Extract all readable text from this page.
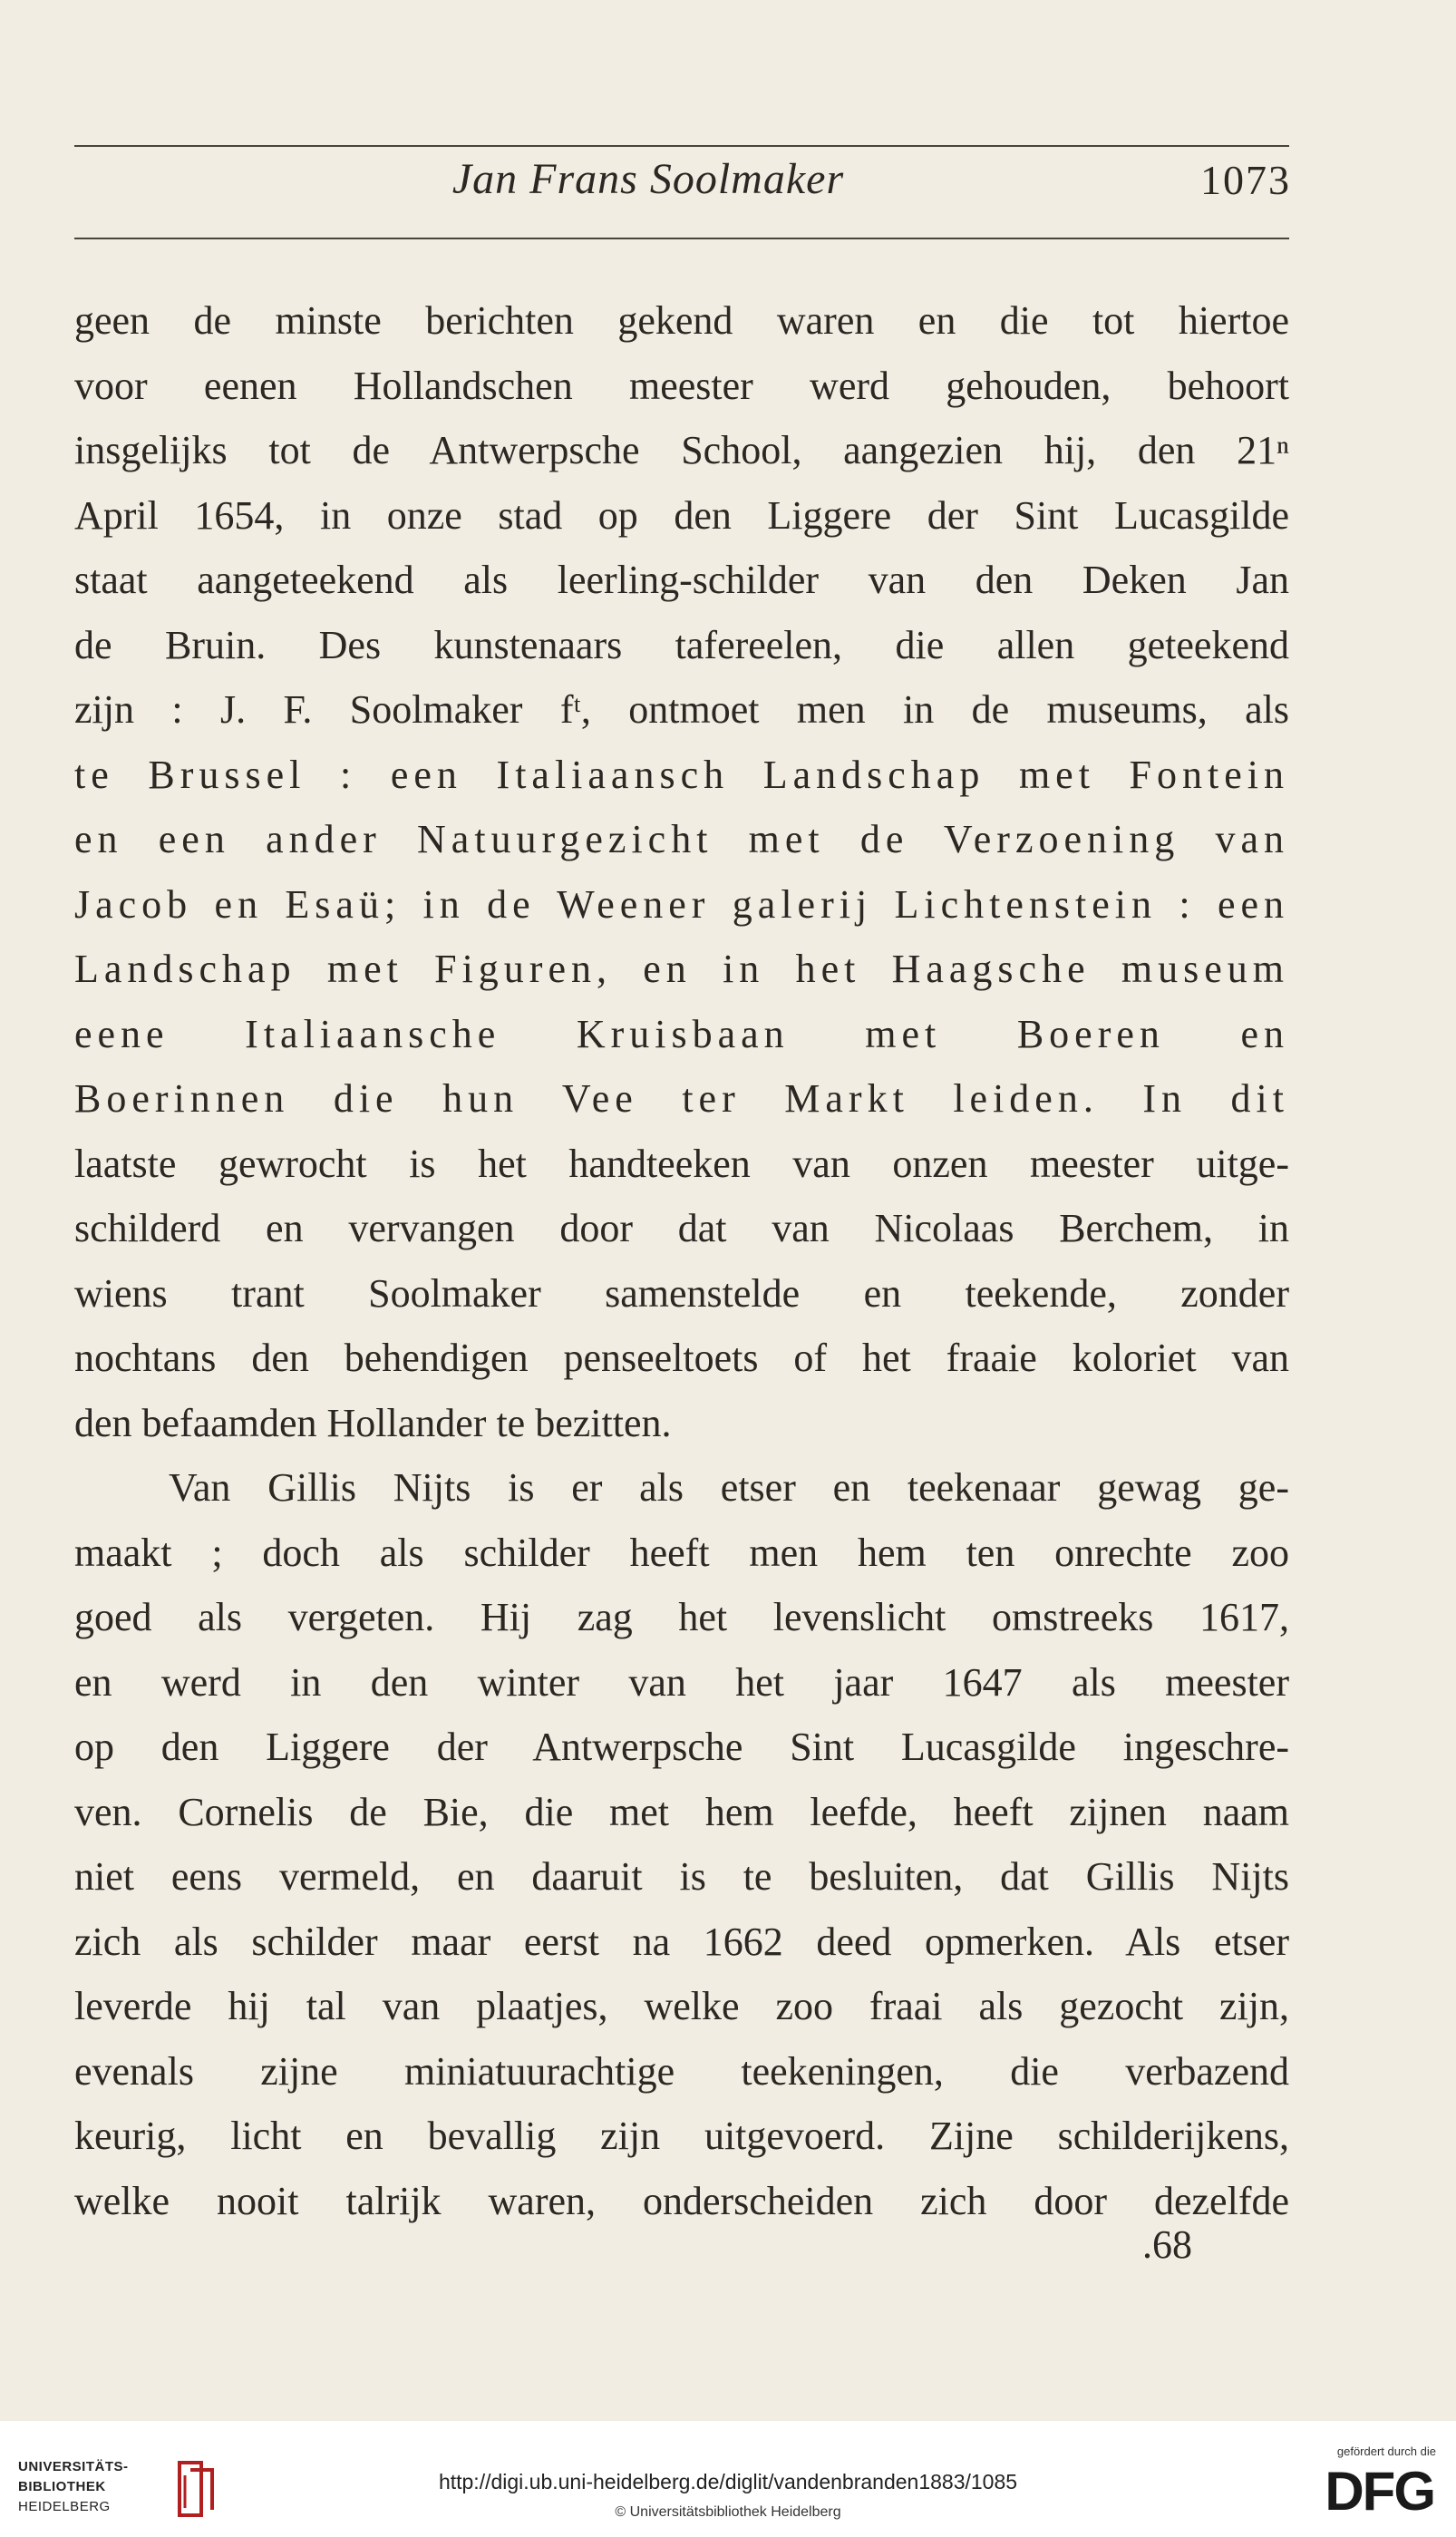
Jan Frans Soolmaker	1073
geen de minste berichten gekend waren en die tot hiertoe
voor eenen Hollandschen meester werd gehouden, behoort
insgelijks tot de Antwerpsche School, aangezien hij, den 21ⁿ
April 1654, in onze stad op den Liggere der Sint Lucasgilde
staat aangeteekend als leerling-schilder van den Deken Jan
de Bruin. Des kunstenaars tafereelen, die allen geteekend
zijn : J. F. Soolmaker fᵗ, ontmoet men in de museums, als
te Brussel : een Italiaansch Landschap met Fontein
en een ander Natuurgezicht met de Verzoening van
Jacob en Esaü; in de Weener galerij Lichtenstein : een
Landschap met Figuren, en in het Haagsche museum
eene Italiaansche Kruisbaan met Boeren en
Boerinnen die hun Vee ter Markt leiden. In dit
laatste gewrocht is het handteeken van onzen meester uitge-
schilderd en vervangen door dat van Nicolaas Berchem, in
wiens trant Soolmaker samenstelde en teekende, zonder
nochtans den behendigen penseeltoets of het fraaie koloriet van
den befaamden Hollander te bezitten.
Van Gillis Nijts is er als etser en teekenaar gewag ge-
maakt ; doch als schilder heeft men hem ten onrechte zoo
goed als vergeten. Hij zag het levenslicht omstreeks 1617,
en werd in den winter van het jaar 1647 als meester
op den Liggere der Antwerpsche Sint Lucasgilde ingeschre-
ven. Cornelis de Bie, die met hem leefde, heeft zijnen naam
niet eens vermeld, en daaruit is te besluiten, dat Gillis Nijts
zich als schilder maar eerst na 1662 deed opmerken. Als etser
leverde hij tal van plaatjes, welke zoo fraai als gezocht zijn,
evenals zijne miniatuurachtige teekeningen, die verbazend
keurig, licht en bevallig zijn uitgevoerd. Zijne schilderijkens,
welke nooit talrijk waren, onderscheiden zich door dezelfde
.68
UNIVERSITÄTS-
BIBLIOTHEK
HEIDELBERG
http://digi.ub.uni-heidelberg.de/diglit/vandenbranden1883/1085
© Universitätsbibliothek Heidelberg
gefördert durch die
DFG
